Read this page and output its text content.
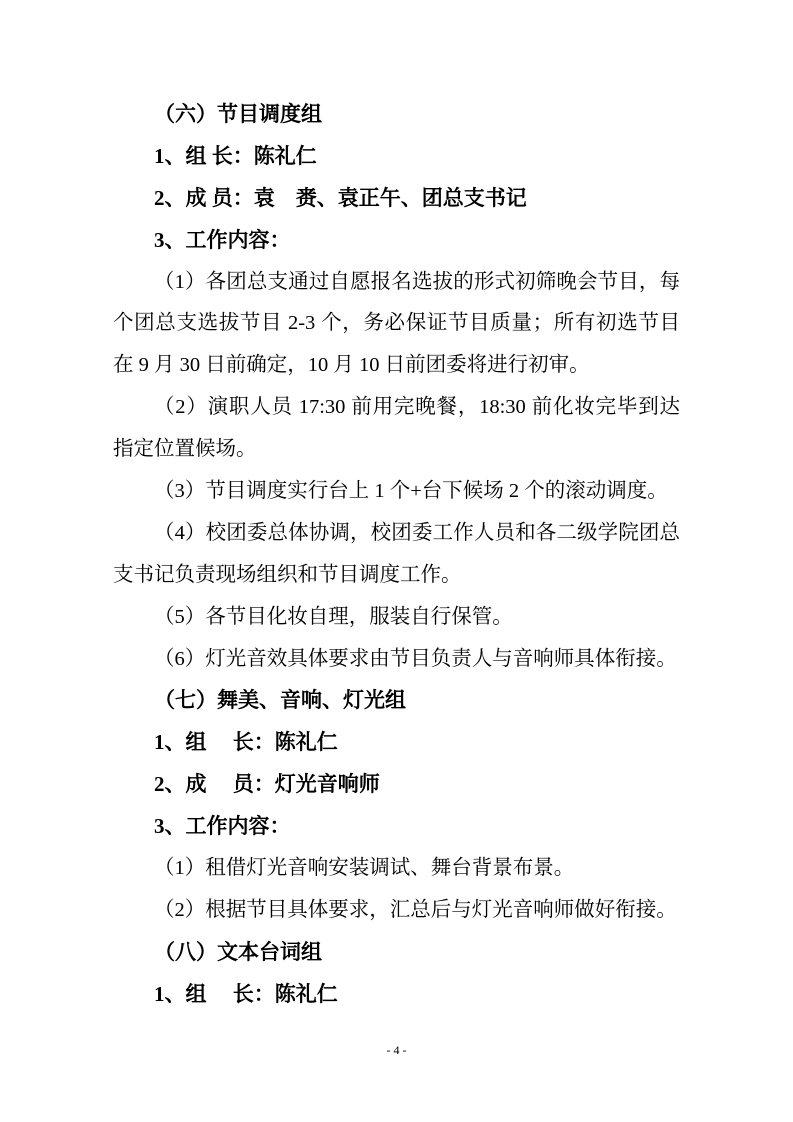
（六）节目调度组
1、组 长：陈礼仁
2、成 员：袁　赉、袁正午、团总支书记
3、工作内容：
（1）各团总支通过自愿报名选拔的形式初筛晚会节目，每
个团总支选拔节目 2-3 个，务必保证节目质量；所有初选节目
在 9 月 30 日前确定，10 月 10 日前团委将进行初审。
（2）演职人员 17:30 前用完晚餐，18:30 前化妆完毕到达
指定位置候场。
（3）节目调度实行台上 1 个+台下候场 2 个的滚动调度。
（4）校团委总体协调，校团委工作人员和各二级学院团总
支书记负责现场组织和节目调度工作。
（5）各节目化妆自理，服装自行保管。
（6）灯光音效具体要求由节目负责人与音响师具体衔接。
（七）舞美、音响、灯光组
1、组　 长：陈礼仁
2、成　 员：灯光音响师
3、工作内容：
（1）租借灯光音响安装调试、舞台背景布景。
（2）根据节目具体要求，汇总后与灯光音响师做好衔接。
（八）文本台词组
1、组　 长：陈礼仁
- 4 -
